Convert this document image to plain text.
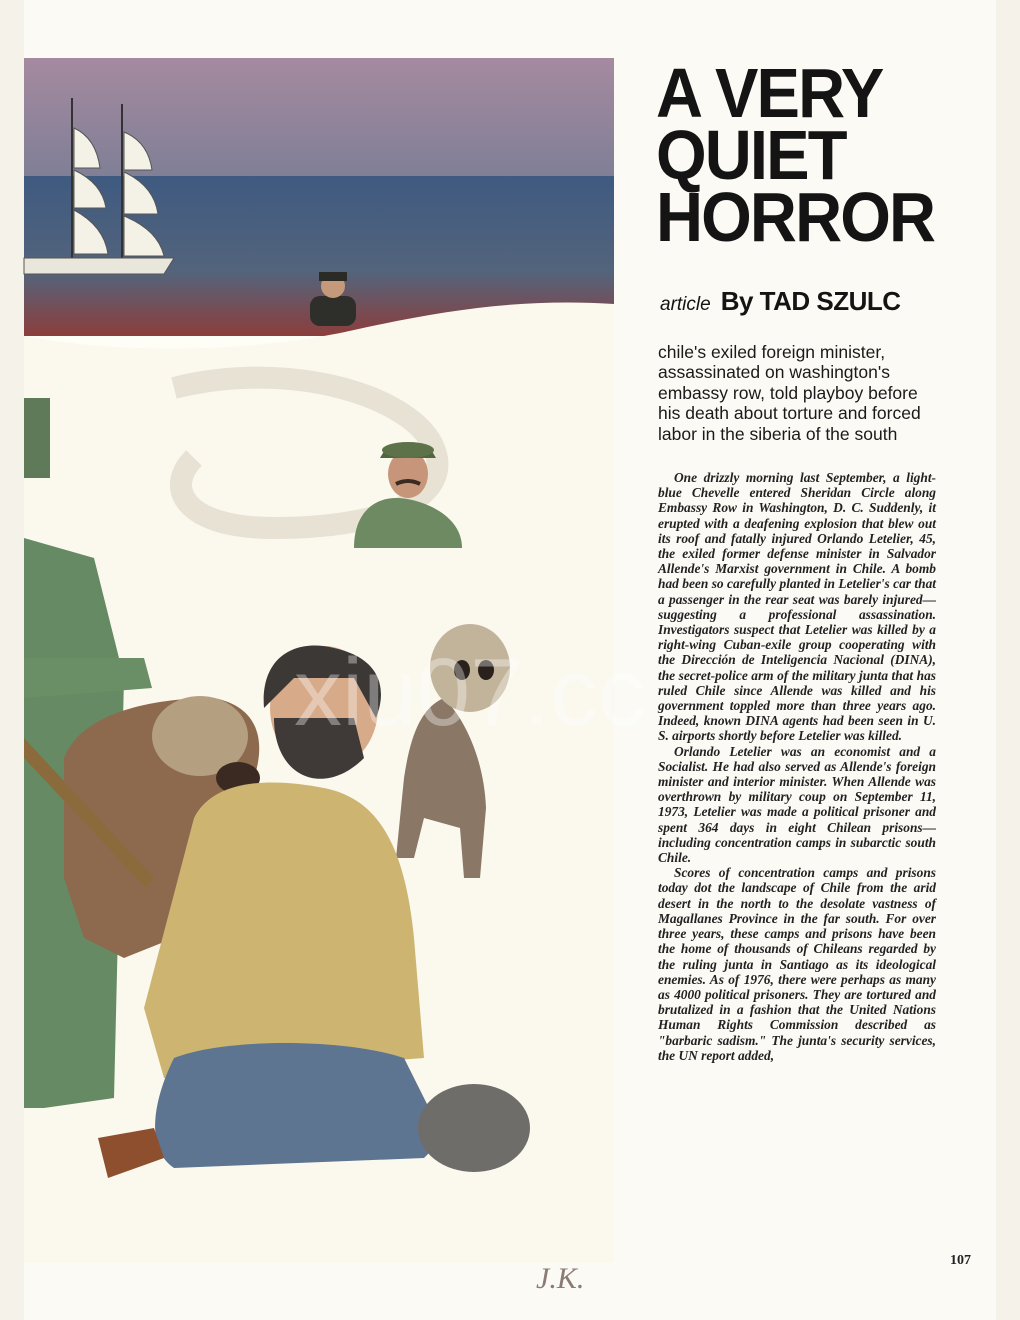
J.K.
xiu07.cc
A VERY
QUIET
HORROR
article By TAD SZULC
chile's exiled foreign minister, assassinated on washington's embassy row, told playboy before his death about torture and forced labor in the siberia of the south

One drizzly morning last September, a light-blue Chevelle entered Sheridan Circle along Embassy Row in Washington, D. C. Suddenly, it erupted with a deafening explosion that blew out its roof and fatally injured Orlando Letelier, 45, the exiled former defense minister in Salvador Allende's Marxist government in Chile. A bomb had been so carefully planted in Letelier's car that a passenger in the rear seat was barely injured—suggesting a professional assassination. Investigators suspect that Letelier was killed by a right-wing Cuban-exile group cooperating with the Dirección de Inteligencia Nacional (DINA), the secret-police arm of the military junta that has ruled Chile since Allende was killed and his government toppled more than three years ago. Indeed, known DINA agents had been seen in U. S. airports shortly before Letelier was killed.

Orlando Letelier was an economist and a Socialist. He had also served as Allende's foreign minister and interior minister. When Allende was overthrown by military coup on September 11, 1973, Letelier was made a political prisoner and spent 364 days in eight Chilean prisons—including concentration camps in subarctic south Chile.

Scores of concentration camps and prisons today dot the landscape of Chile from the arid desert in the north to the desolate vastness of Magallanes Province in the far south. For over three years, these camps and prisons have been the home of thousands of Chileans regarded by the ruling junta in Santiago as its ideological enemies. As of 1976, there were perhaps as many as 4000 political prisoners. They are tortured and brutalized in a fashion that the United Nations Human Rights Commission described as "barbaric sadism." The junta's security services, the UN report added,

107
